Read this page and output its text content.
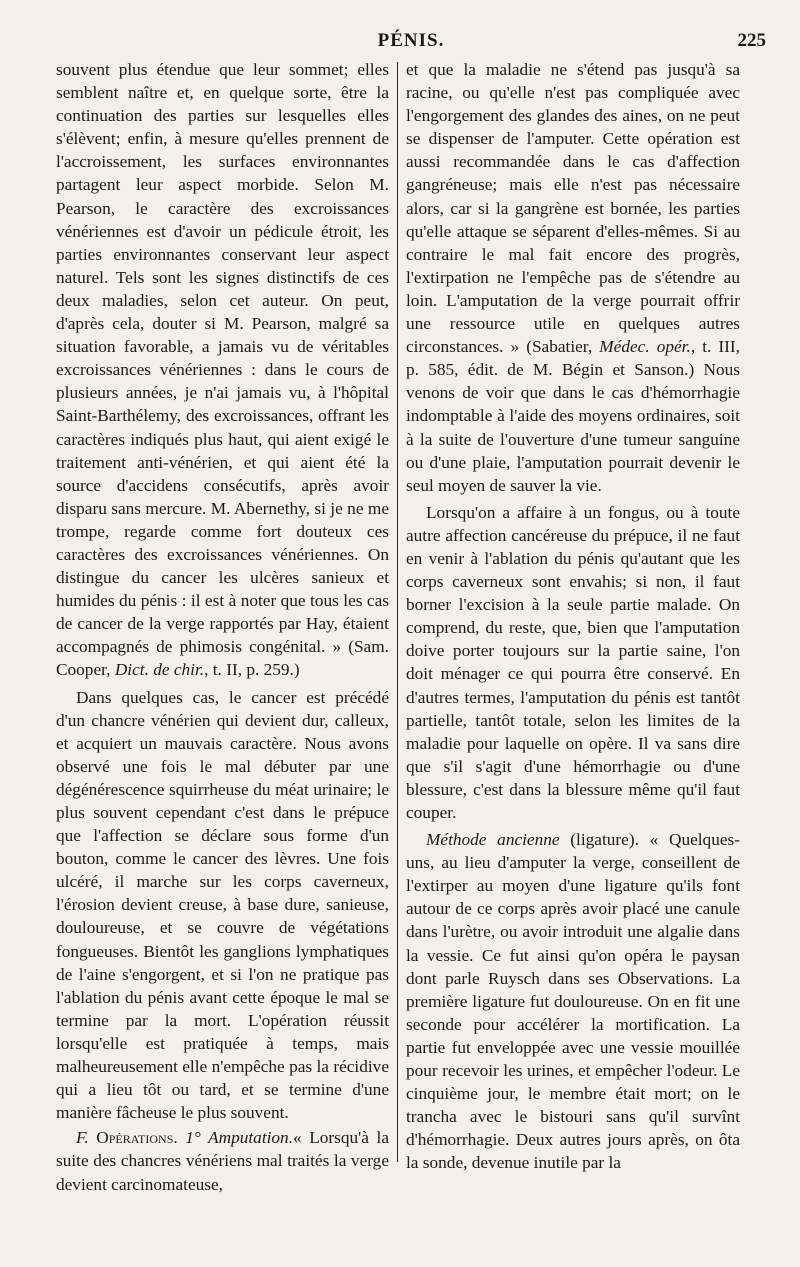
PÉNIS.	225

souvent plus étendue que leur sommet; elles semblent naître et, en quelque sorte, être la continuation des parties sur lesquelles elles s'élèvent; enfin, à mesure qu'elles prennent de l'accroissement, les surfaces environnantes partagent leur aspect morbide. Selon M. Pearson, le caractère des excroissances vénériennes est d'avoir un pédicule étroit, les parties environnantes conservant leur aspect naturel. Tels sont les signes distinctifs de ces deux maladies, selon cet auteur. On peut, d'après cela, douter si M. Pearson, malgré sa situation favorable, a jamais vu de véritables excroissances vénériennes : dans le cours de plusieurs années, je n'ai jamais vu, à l'hôpital Saint-Barthélemy, des excroissances, offrant les caractères indiqués plus haut, qui aient exigé le traitement anti-vénérien, et qui aient été la source d'accidens consécutifs, après avoir disparu sans mercure. M. Abernethy, si je ne me trompe, regarde comme fort douteux ces caractères des excroissances vénériennes. On distingue du cancer les ulcères sanieux et humides du pénis : il est à noter que tous les cas de cancer de la verge rapportés par Hay, étaient accompagnés de phimosis congénital. » (Sam. Cooper, Dict. de chir., t. II, p. 259.)

Dans quelques cas, le cancer est précédé d'un chancre vénérien qui devient dur, calleux, et acquiert un mauvais caractère. Nous avons observé une fois le mal débuter par une dégénérescence squirrheuse du méat urinaire; le plus souvent cependant c'est dans le prépuce que l'affection se déclare sous forme d'un bouton, comme le cancer des lèvres. Une fois ulcéré, il marche sur les corps caverneux, l'érosion devient creuse, à base dure, sanieuse, douloureuse, et se couvre de végétations fongueuses. Bientôt les ganglions lymphatiques de l'aine s'engorgent, et si l'on ne pratique pas l'ablation du pénis avant cette époque le mal se termine par la mort. L'opération réussit lorsqu'elle est pratiquée à temps, mais malheureusement elle n'empêche pas la récidive qui a lieu tôt ou tard, et se termine d'une manière fâcheuse le plus souvent.

F. Opérations. 1° Amputation.« Lorsqu'à la suite des chancres vénériens mal traités la verge devient carcinomateuse,

et que la maladie ne s'étend pas jusqu'à sa racine, ou qu'elle n'est pas compliquée avec l'engorgement des glandes des aines, on ne peut se dispenser de l'amputer. Cette opération est aussi recommandée dans le cas d'affection gangréneuse; mais elle n'est pas nécessaire alors, car si la gangrène est bornée, les parties qu'elle attaque se séparent d'elles-mêmes. Si au contraire le mal fait encore des progrès, l'extirpation ne l'empêche pas de s'étendre au loin. L'amputation de la verge pourrait offrir une ressource utile en quelques autres circonstances. » (Sabatier, Médec. opér., t. III, p. 585, édit. de M. Bégin et Sanson.) Nous venons de voir que dans le cas d'hémorrhagie indomptable à l'aide des moyens ordinaires, soit à la suite de l'ouverture d'une tumeur sanguine ou d'une plaie, l'amputation pourrait devenir le seul moyen de sauver la vie.

Lorsqu'on a affaire à un fongus, ou à toute autre affection cancéreuse du prépuce, il ne faut en venir à l'ablation du pénis qu'autant que les corps caverneux sont envahis; si non, il faut borner l'excision à la seule partie malade. On comprend, du reste, que, bien que l'amputation doive porter toujours sur la partie saine, l'on doit ménager ce qui pourra être conservé. En d'autres termes, l'amputation du pénis est tantôt partielle, tantôt totale, selon les limites de la maladie pour laquelle on opère. Il va sans dire que s'il s'agit d'une hémorrhagie ou d'une blessure, c'est dans la blessure même qu'il faut couper.

Méthode ancienne (ligature). « Quelques-uns, au lieu d'amputer la verge, conseillent de l'extirper au moyen d'une ligature qu'ils font autour de ce corps après avoir placé une canule dans l'urètre, ou avoir introduit une algalie dans la vessie. Ce fut ainsi qu'on opéra le paysan dont parle Ruysch dans ses Observations. La première ligature fut douloureuse. On en fit une seconde pour accélérer la mortification. La partie fut enveloppée avec une vessie mouillée pour recevoir les urines, et empêcher l'odeur. Le cinquième jour, le membre était mort; on le trancha avec le bistouri sans qu'il survînt d'hémorrhagie. Deux autres jours après, on ôta la sonde, devenue inutile par la
